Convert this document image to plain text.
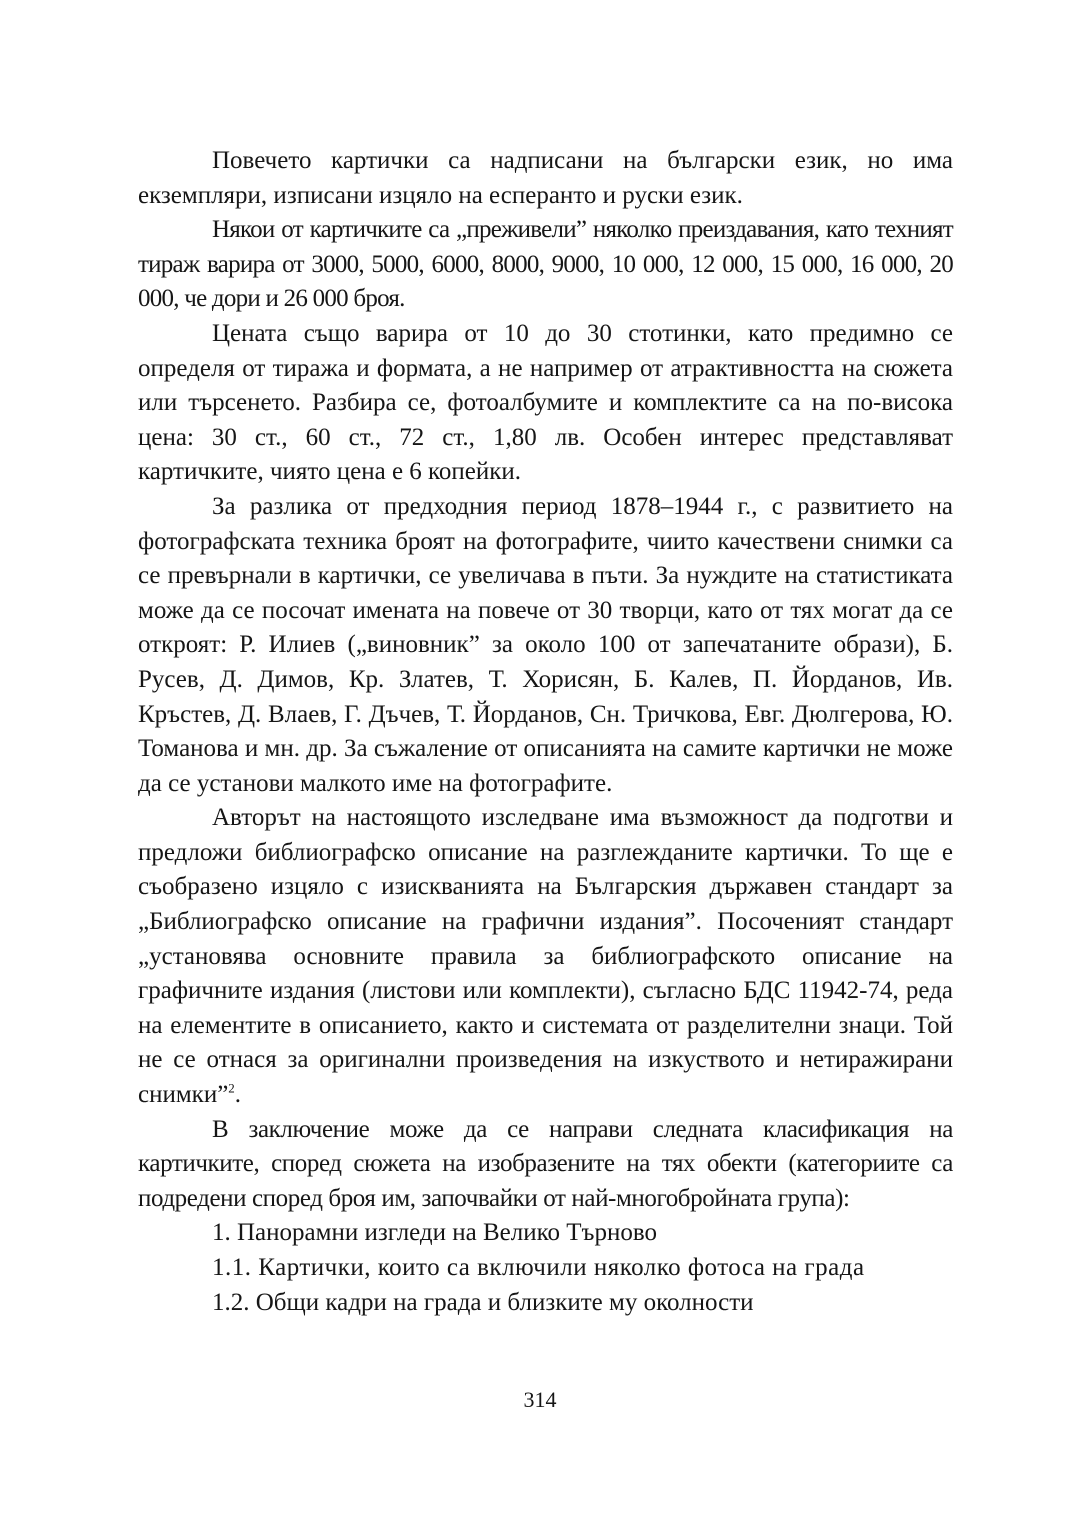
Повечето картички са надписани на български език, но има екземпляри, изписани изцяло на есперанто и руски език.

Някои от картичките са „преживели” няколко преиздавания, като техният тираж варира от 3000, 5000, 6000, 8000, 9000, 10 000, 12 000, 15 000, 16 000, 20 000, че дори и 26 000 броя.

Цената също варира от 10 до 30 стотинки, като предимно се определя от тиража и формата, а не например от атрактивността на сюжета или търсенето. Разбира се, фотоалбумите и комплектите са на по-висока цена: 30 ст., 60 ст., 72 ст., 1,80 лв. Особен интерес представляват картичките, чиято цена е 6 копейки.

За разлика от предходния период 1878–1944 г., с развитието на фотографската техника броят на фотографите, чиито качествени снимки са се превърнали в картички, се увеличава в пъти. За нуждите на статистиката може да се посочат имената на повече от 30 творци, като от тях могат да се откроят: Р. Илиев („виновник” за около 100 от запечатаните образи), Б. Русев, Д. Димов, Кр. Златев, Т. Хорисян, Б. Калев, П. Йорданов, Ив. Кръстев, Д. Влаев, Г. Дъчев, Т. Йорданов, Сн. Тричкова, Евг. Дюлгерова, Ю. Томанова и мн. др. За съжаление от описанията на самите картички не може да се установи малкото име на фотографите.

Авторът на настоящото изследване има възможност да подготви и предложи библиографско описание на разглежданите картички. То ще е съобразено изцяло с изискванията на Българския държавен стандарт за „Библиографско описание на графични издания”. Посоченият стандарт „установява основните правила за библиографското описание на графичните издания (листови или комплекти), съгласно БДС 11942-74, реда на елементите в описанието, както и системата от разделителни знаци. Той не се отнася за оригинални произведения на изкуството и нетиражирани снимки”$^2$.

В заключение може да се направи следната класификация на картичките, според сюжета на изобразените на тях обекти (категориите са подредени според броя им, започвайки от най-многобройната група):

1. Панорамни изгледи на Велико Търново

1.1. Картички, които са включили няколко фотоса на града

1.2. Общи кадри на града и близките му околности

314
